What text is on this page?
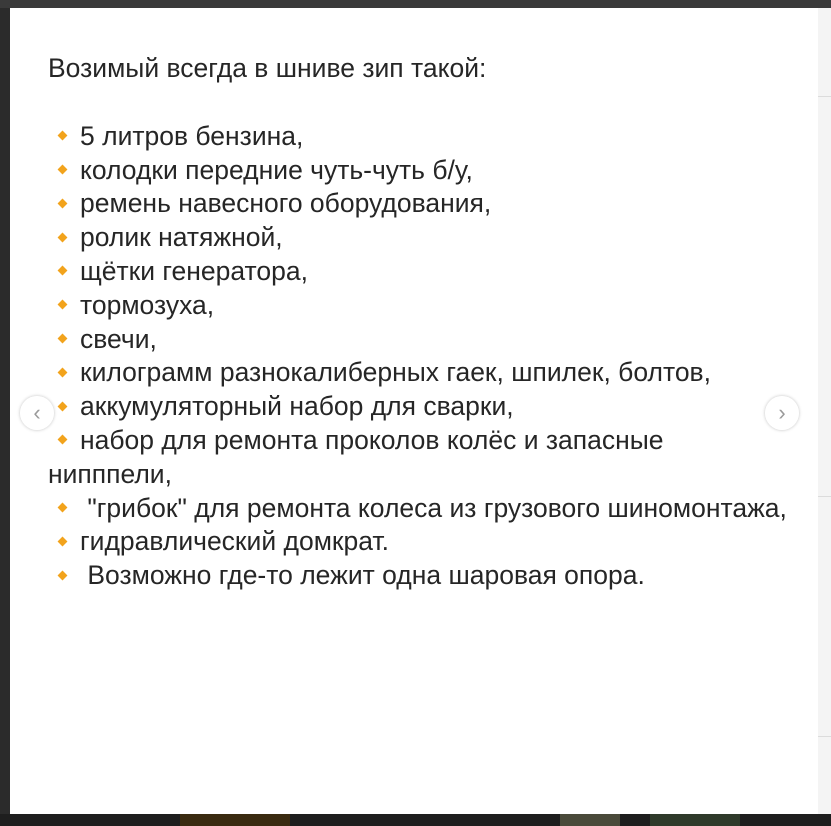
Возимый всегда в шниве зип такой:
5 литров бензина,
колодки передние чуть-чуть б/у,
ремень навесного оборудования,
ролик натяжной,
щётки генератора,
тормозуха,
свечи,
килограмм разнокалиберных гаек, шпилек, болтов,
аккумуляторный набор для сварки,
набор для ремонта проколов колёс и запасные нипппели,
"грибок" для ремонта колеса из грузового шиномонтажа,
гидравлический домкрат.
Возможно где-то лежит одна шаровая опора.
‹	›
